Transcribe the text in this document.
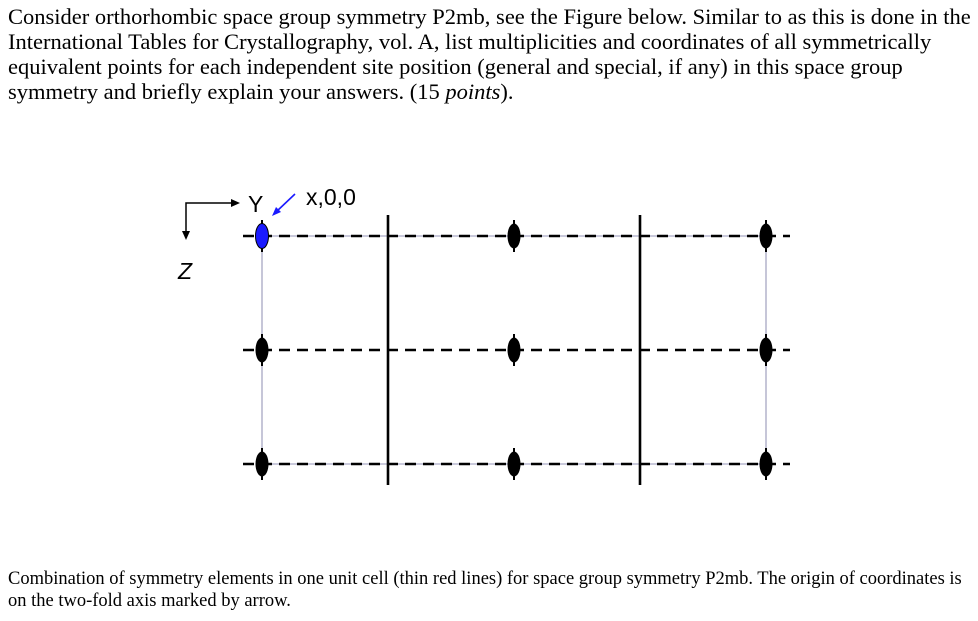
Consider orthorhombic space group symmetry P2mb, see the Figure below. Similar to as this is done in the International Tables for Crystallography, vol. A, list multiplicities and coordinates of all symmetrically equivalent points for each independent site position (general and special, if any) in this space group symmetry and briefly explain your answers. (15 points).

Y
Z
x,0,0

Combination of symmetry elements in one unit cell (thin red lines) for space group symmetry P2mb. The origin of coordinates is on the two-fold axis marked by arrow.
